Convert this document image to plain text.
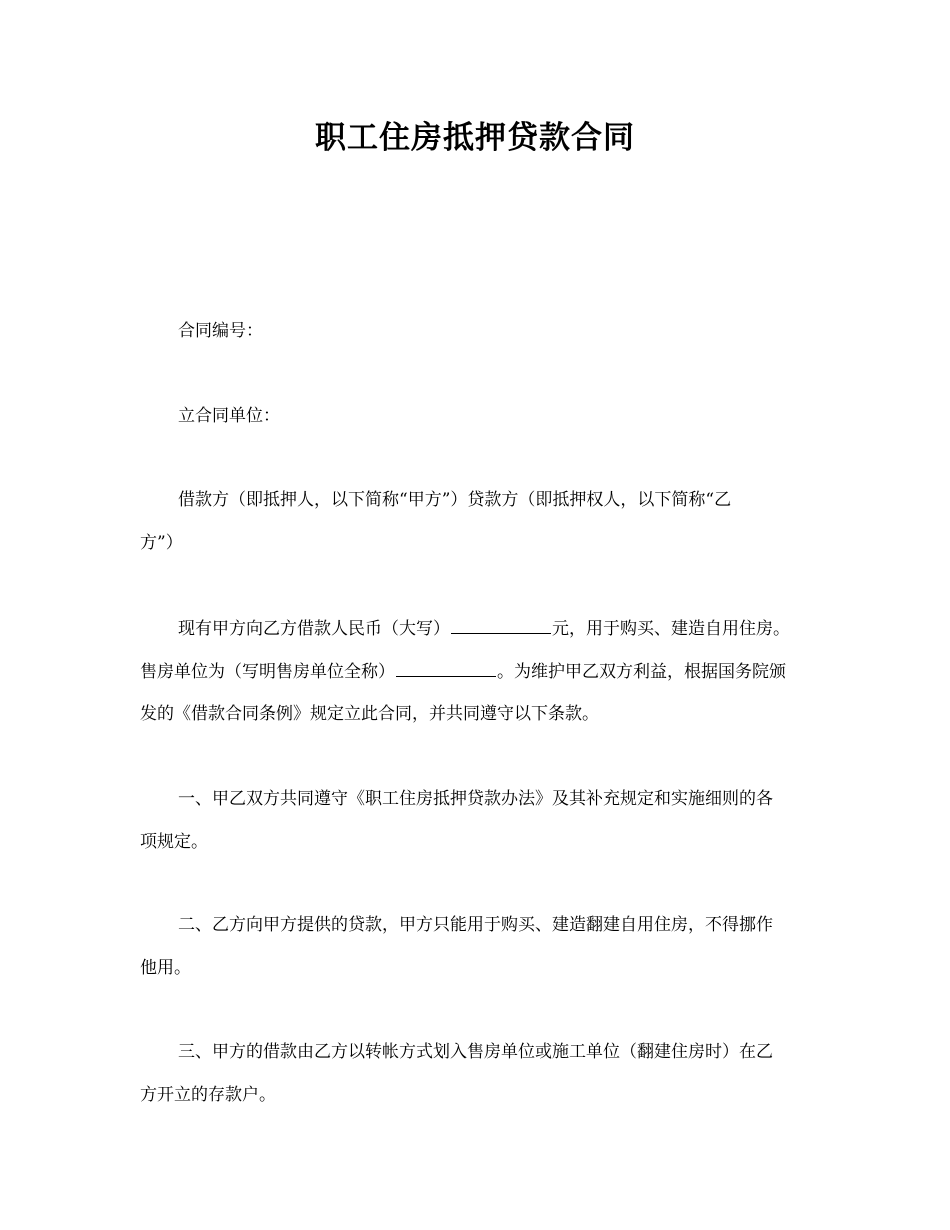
职工住房抵押贷款合同

合同编号：

立合同单位：

借款方（即抵押人，以下简称“甲方”）贷款方（即抵押权人，以下简称“乙

方”）

现有甲方向乙方借款人民币（大写）	元，用于购买、建造自用住房。

售房单位为（写明售房单位全称）	。为维护甲乙双方利益，根据国务院颁

发的《借款合同条例》规定立此合同，并共同遵守以下条款。

一、甲乙双方共同遵守《职工住房抵押贷款办法》及其补充规定和实施细则的各

项规定。

二、乙方向甲方提供的贷款，甲方只能用于购买、建造翻建自用住房，不得挪作

他用。

三、甲方的借款由乙方以转帐方式划入售房单位或施工单位（翻建住房时）在乙

方开立的存款户。
